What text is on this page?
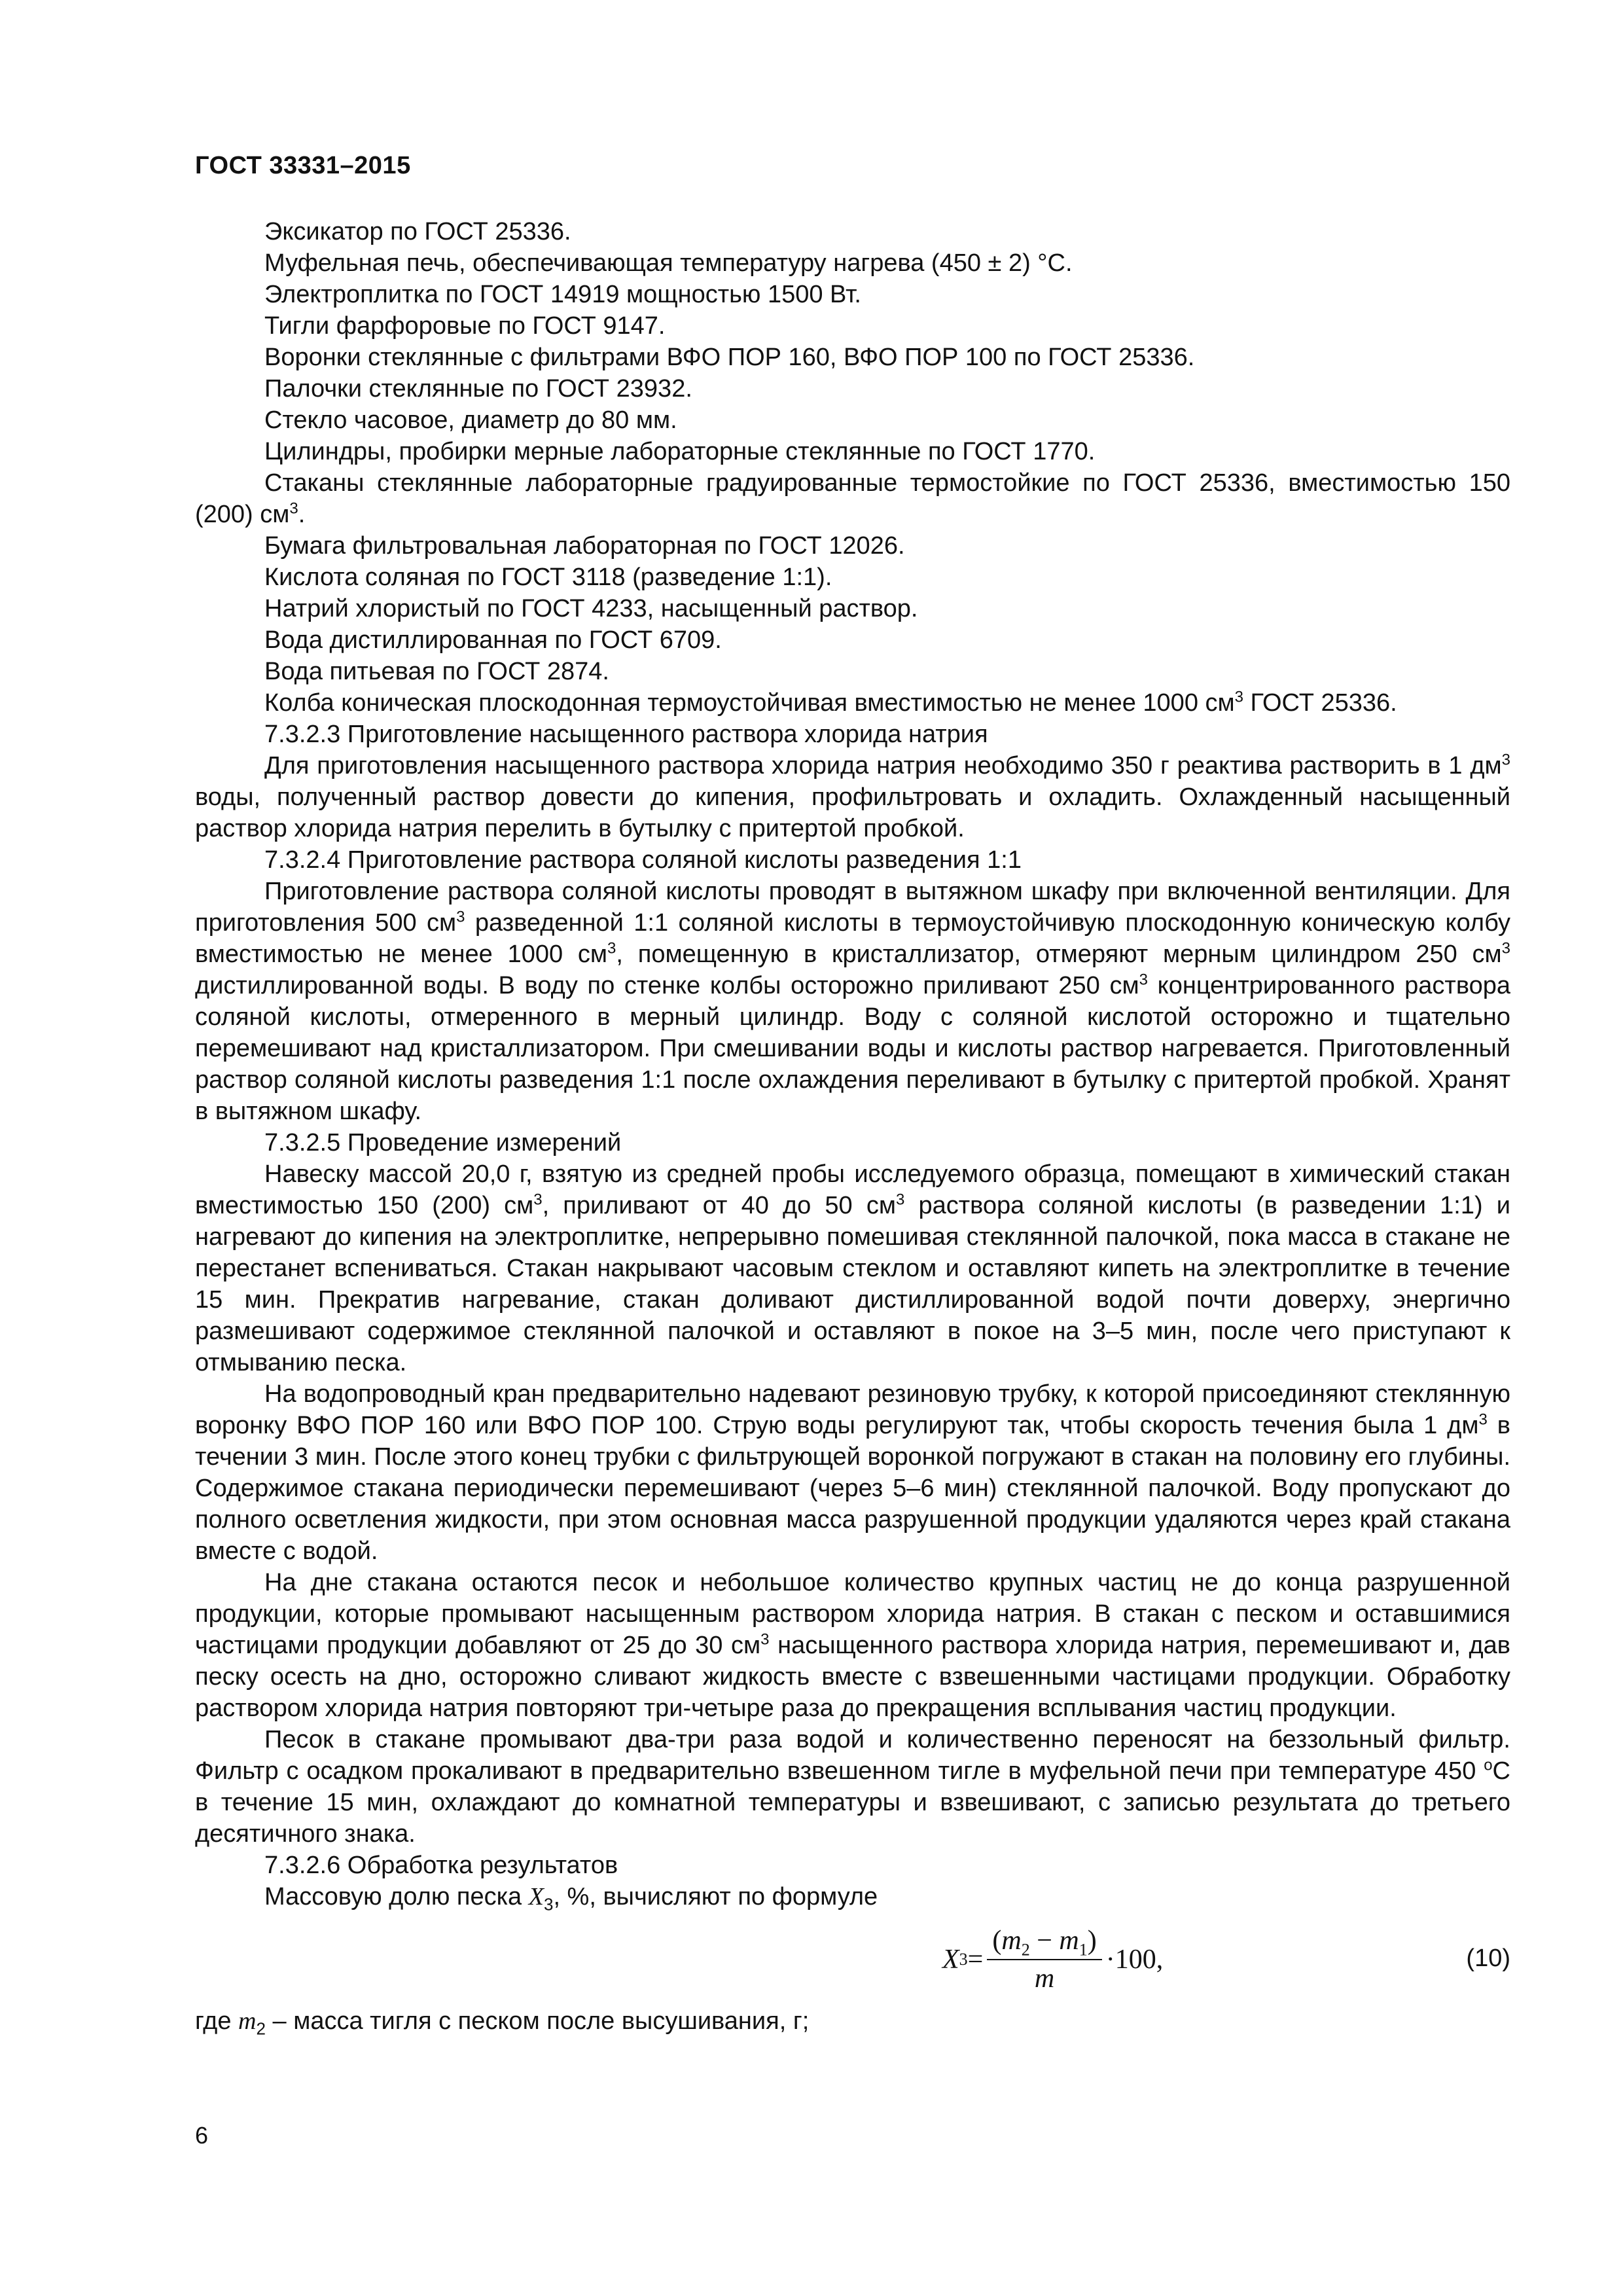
ГОСТ 33331–2015

Эксикатор по ГОСТ 25336.

Муфельная печь, обеспечивающая температуру нагрева (450 ± 2) °С.

Электроплитка по ГОСТ 14919 мощностью 1500 Вт.

Тигли фарфоровые по ГОСТ 9147.

Воронки стеклянные с фильтрами ВФО ПОР 160, ВФО ПОР 100 по ГОСТ 25336.

Палочки стеклянные по ГОСТ 23932.

Стекло часовое, диаметр до 80 мм.

Цилиндры, пробирки мерные лабораторные стеклянные по ГОСТ 1770.

Стаканы стеклянные лабораторные градуированные термостойкие по ГОСТ 25336, вместимостью 150 (200) $см^3$.

Бумага фильтровальная лабораторная по ГОСТ 12026.

Кислота соляная по ГОСТ 3118 (разведение 1:1).

Натрий хлористый по ГОСТ 4233, насыщенный раствор.

Вода дистиллированная по ГОСТ 6709.

Вода питьевая по ГОСТ 2874.

Колба коническая плоскодонная термоустойчивая вместимостью не менее 1000 $см^3$ ГОСТ 25336.

7.3.2.3 Приготовление насыщенного раствора хлорида натрия

Для приготовления насыщенного раствора хлорида натрия необходимо 350 г реактива растворить в 1 $дм^3$ воды, полученный раствор довести до кипения, профильтровать и охладить. Охлажденный насыщенный раствор хлорида натрия перелить в бутылку с притертой пробкой.

7.3.2.4 Приготовление раствора соляной кислоты разведения 1:1

Приготовление раствора соляной кислоты проводят в вытяжном шкафу при включенной вентиляции. Для приготовления 500 $см^3$ разведенной 1:1 соляной кислоты в термоустойчивую плоскодонную коническую колбу вместимостью не менее 1000 $см^3$, помещенную в кристаллизатор, отмеряют мерным цилиндром 250 $см^3$ дистиллированной воды. В воду по стенке колбы осторожно приливают 250 $см^3$ концентрированного раствора соляной кислоты, отмеренного в мерный цилиндр. Воду с соляной кислотой осторожно и тщательно перемешивают над кристаллизатором. При смешивании воды и кислоты раствор нагревается. Приготовленный раствор соляной кислоты разведения 1:1 после охлаждения переливают в бутылку с притертой пробкой. Хранят в вытяжном шкафу.

7.3.2.5 Проведение измерений

Навеску массой 20,0 г, взятую из средней пробы исследуемого образца, помещают в химический стакан вместимостью 150 (200) $см^3$, приливают от 40 до 50 $см^3$ раствора соляной кислоты (в разведении 1:1) и нагревают до кипения на электроплитке, непрерывно помешивая стеклянной палочкой, пока масса в стакане не перестанет вспениваться. Стакан накрывают часовым стеклом и оставляют кипеть на электроплитке в течение 15 мин. Прекратив нагревание, стакан доливают дистиллированной водой почти доверху, энергично размешивают содержимое стеклянной палочкой и оставляют в покое на 3–5 мин, после чего приступают к отмыванию песка.

На водопроводный кран предварительно надевают резиновую трубку, к которой присоединяют стеклянную воронку ВФО ПОР 160 или ВФО ПОР 100. Струю воды регулируют так, чтобы скорость течения была 1 $дм^3$ в течении 3 мин. После этого конец трубки с фильтрующей воронкой погружают в стакан на половину его глубины. Содержимое стакана периодически перемешивают (через 5–6 мин) стеклянной палочкой. Воду пропускают до полного осветления жидкости, при этом основная масса разрушенной продукции удаляются через край стакана вместе с водой.

На дне стакана остаются песок и небольшое количество крупных частиц не до конца разрушенной продукции, которые промывают насыщенным раствором хлорида натрия. В стакан с песком и оставшимися частицами продукции добавляют от 25 до 30 $см^3$ насыщенного раствора хлорида натрия, перемешивают и, дав песку осесть на дно, осторожно сливают жидкость вместе с взвешенными частицами продукции. Обработку раствором хлорида натрия повторяют три-четыре раза до прекращения всплывания частиц продукции.

Песок в стакане промывают два-три раза водой и количественно переносят на беззольный фильтр. Фильтр с осадком прокаливают в предварительно взвешенном тигле в муфельной печи при температуре 450 $^о$С в течение 15 мин, охлаждают до комнатной температуры и взвешивают, с записью результата до третьего десятичного знака.

7.3.2.6 Обработка результатов

Массовую долю песка $X_3$, %, вычисляют по формуле

X $3 = \frac{(m_2 - m_1)}{m} \cdot 100$ ,	(10)

где $m_2$ – масса тигля с песком после высушивания, г;

6
